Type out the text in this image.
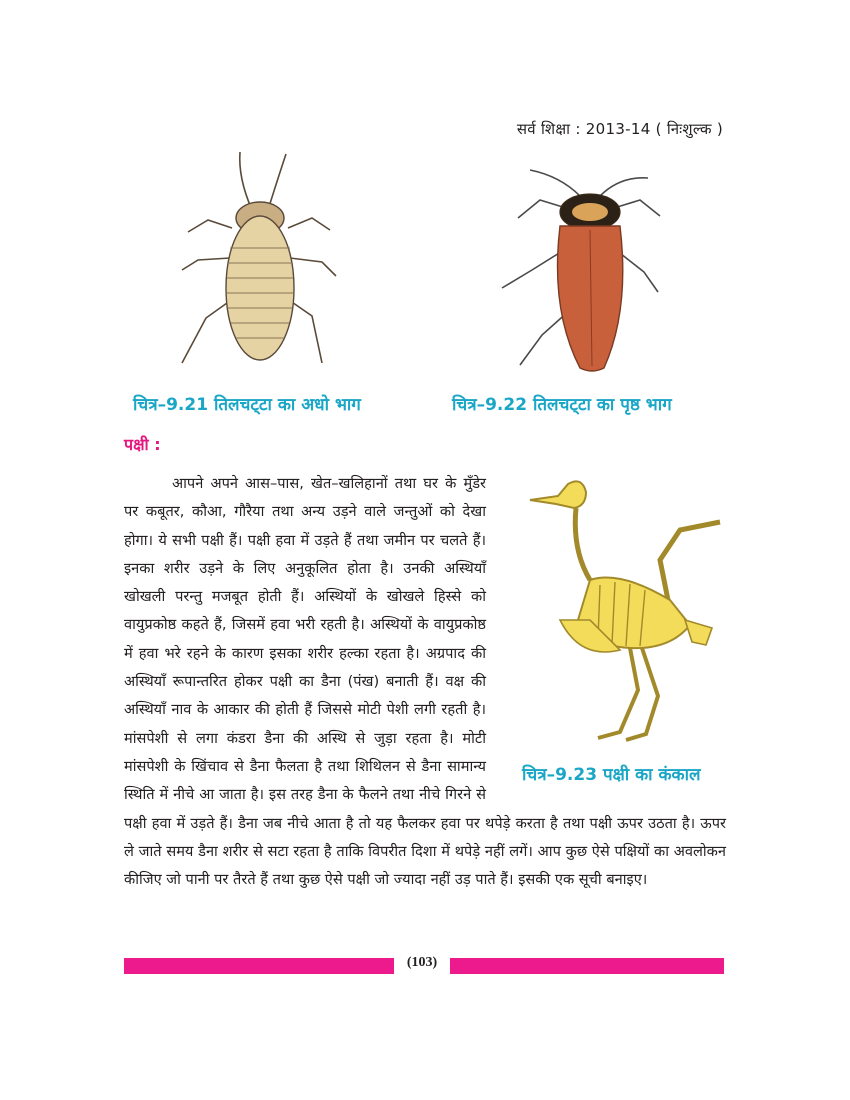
सर्व शिक्षा : 2013-14 ( निःशुल्क )
चित्र–9.21 तिलचट्‌टा का अधो भाग	चित्र–9.22 तिलचट्‌टा का पृष्ठ भाग
पक्षी :
चित्र–9.23 पक्षी का कंकाल
आपने अपने आस–पास, खेत–खलिहानों तथा घर के मुँडेर पर कबूतर, कौआ, गौरैया तथा अन्य उड़ने वाले जन्तुओं को देखा होगा। ये सभी पक्षी हैं। पक्षी हवा में उड़ते हैं तथा जमीन पर चलते हैं। इनका शरीर उड़ने के लिए अनुकूलित होता है। उनकी अस्थियाँ खोखली परन्तु मजबूत होती हैं। अस्थियों के खोखले हिस्से को वायुप्रकोष्ठ कहते हैं, जिसमें हवा भरी रहती है। अस्थियों के वायुप्रकोष्ठ में हवा भरे रहने के कारण इसका शरीर हल्का रहता है। अग्रपाद की अस्थियाँ रूपान्तरित होकर पक्षी का डैना (पंख) बनाती हैं। वक्ष की अस्थियाँ नाव के आकार की होती हैं जिससे मोटी पेशी लगी रहती है। मांसपेशी से लगा कंडरा डैना की अस्थि से जुड़ा रहता है। मोटी मांसपेशी के खिंचाव से डैना फैलता है तथा शिथिलन से डैना सामान्य स्थिति में नीचे आ जाता है। इस तरह डैना के फैलने तथा नीचे गिरने से पक्षी हवा में उड़ते हैं। डैना जब नीचे आता है तो यह फैलकर हवा पर थपेड़े करता है तथा पक्षी ऊपर उठता है। ऊपर ले जाते समय डैना शरीर से सटा रहता है ताकि विपरीत दिशा में थपेड़े नहीं लगें। आप कुछ ऐसे पक्षियों का अवलोकन कीजिए जो पानी पर तैरते हैं तथा कुछ ऐसे पक्षी जो ज्यादा नहीं उड़ पाते हैं। इसकी एक सूची बनाइए।
(103)
